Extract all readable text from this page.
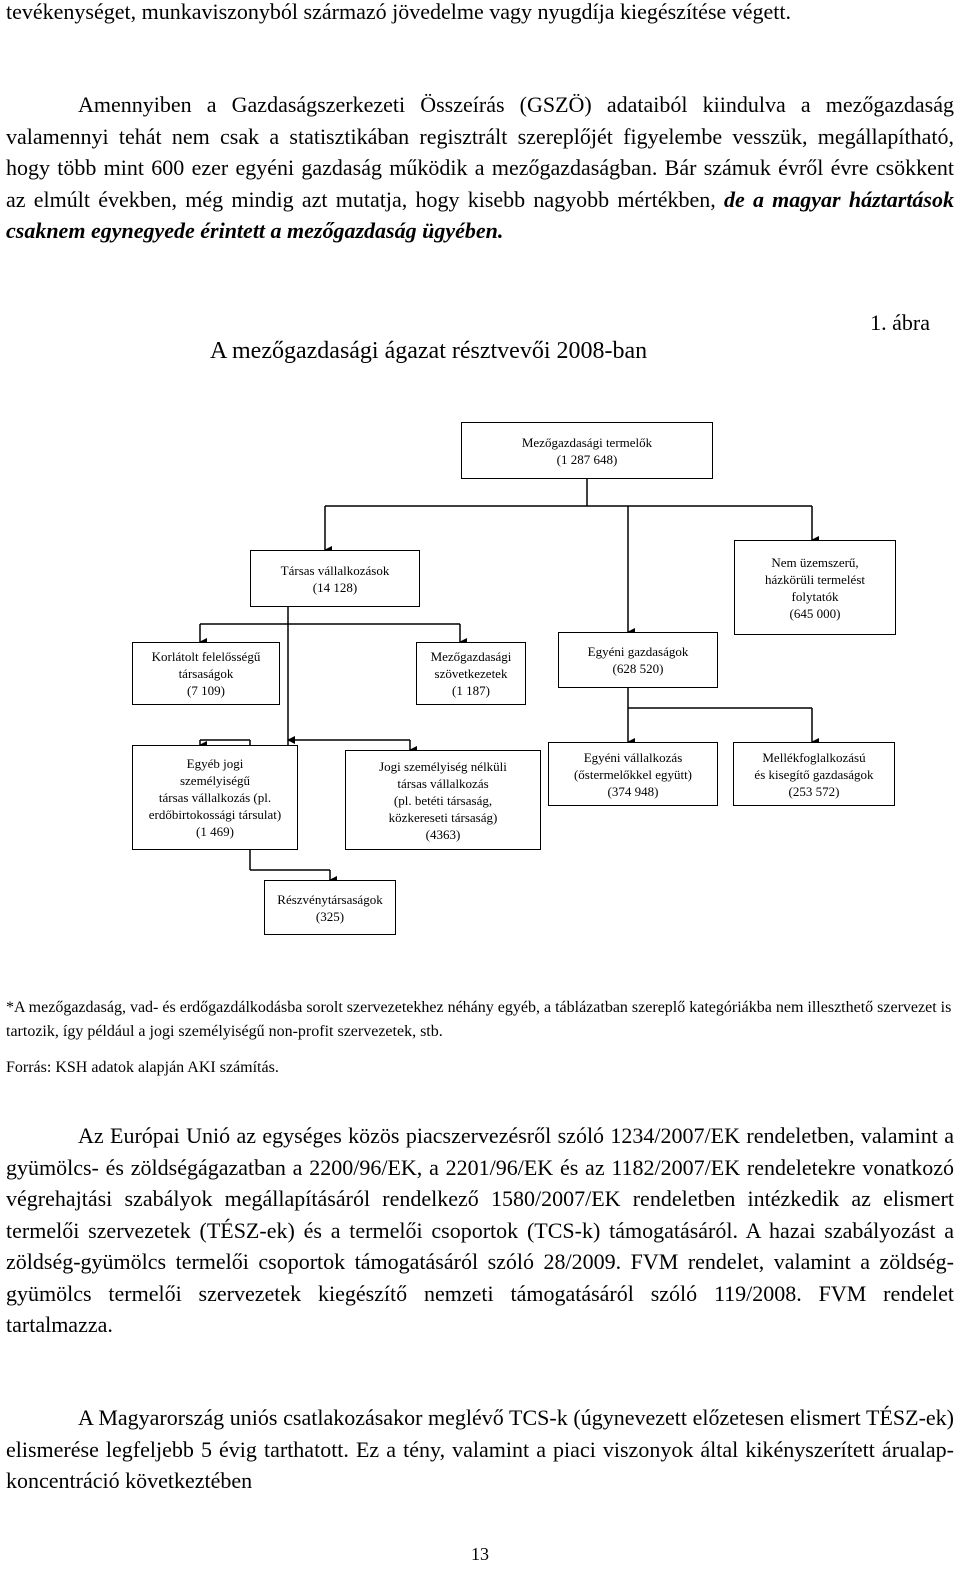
tevékenységet, munkaviszonyból származó jövedelme vagy nyugdíja kiegészítése végett.

Amennyiben a Gazdaságszerkezeti Összeírás (GSZÖ) adataiból kiindulva a mezőgazdaság valamennyi tehát nem csak a statisztikában regisztrált szereplőjét figyelembe vesszük, megállapítható, hogy több mint 600 ezer egyéni gazdaság működik a mezőgazdaságban. Bár számuk évről évre csökkent az elmúlt években, még mindig azt mutatja, hogy kisebb nagyobb mértékben, de a magyar háztartások csaknem egynegyede érintett a mezőgazdaság ügyében.

1. ábra
A mezőgazdasági ágazat résztvevői 2008-ban
Mezőgazdasági termelők
(1 287 648)
Társas vállalkozások
(14 128)
Nem üzemszerű,
házkörüli termelést
folytatók
(645 000)
Korlátolt felelősségű
társaságok
(7 109)
Mezőgazdasági
szövetkezetek
(1 187)
Egyéni gazdaságok
(628 520)
Egyéb jogi
személyiségű
társas vállalkozás (pl.
erdőbirtokossági társulat)
(1 469)
Jogi személyiség nélküli
társas vállalkozás
(pl. betéti társaság,
közkereseti társaság)
(4363)
Egyéni vállalkozás
(őstermelőkkel együtt)
(374 948)
Mellékfoglalkozású
és kisegítő gazdaságok
(253 572)
Részvénytársaságok
(325)

*A mezőgazdaság, vad- és erdőgazdálkodásba sorolt szervezetekhez néhány egyéb, a táblázatban szereplő kategóriákba nem illeszthető szervezet is tartozik, így például a jogi személyiségű non-profit szervezetek, stb.

Forrás: KSH adatok alapján AKI számítás.

Az Európai Unió az egységes közös piacszervezésről szóló 1234/2007/EK rendeletben, valamint a gyümölcs- és zöldségágazatban a 2200/96/EK, a 2201/96/EK és az 1182/2007/EK rendeletekre vonatkozó végrehajtási szabályok megállapításáról rendelkező 1580/2007/EK rendeletben intézkedik az elismert termelői szervezetek (TÉSZ-ek) és a termelői csoportok (TCS-k) támogatásáról. A hazai szabályozást a zöldség-gyümölcs termelői csoportok támogatásáról szóló 28/2009. FVM rendelet, valamint a zöldség-gyümölcs termelői szervezetek kiegészítő nemzeti támogatásáról szóló 119/2008. FVM rendelet tartalmazza.

A Magyarország uniós csatlakozásakor meglévő TCS-k (úgynevezett előzetesen elismert TÉSZ-ek) elismerése legfeljebb 5 évig tarthatott. Ez a tény, valamint a piaci viszonyok által kikényszerített árualap-koncentráció következtében

13
